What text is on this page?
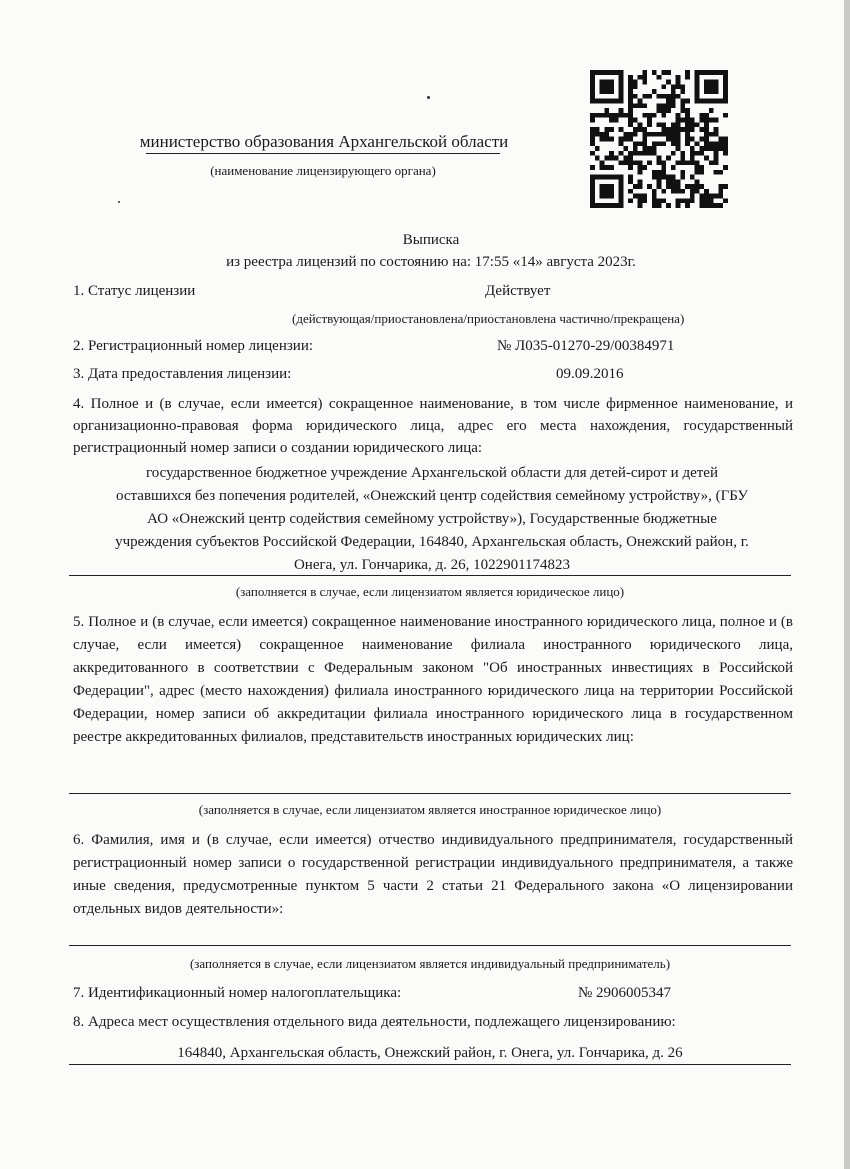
министерство образования Архангельской области
(наименование лицензирующего органа)
Выписка
из реестра лицензий по состоянию на: 17:55 «14» августа 2023г.
1. Статус лицензии	Действует
(действующая/приостановлена/приостановлена частично/прекращена)
2. Регистрационный номер лицензии:	№ Л035-01270-29/00384971
3. Дата предоставления лицензии:	09.09.2016
4. Полное и (в случае, если имеется) сокращенное наименование, в том числе фирменное наименование, и организационно-правовая форма юридического лица, адрес его места нахождения, государственный регистрационный номер записи о создании юридического лица:
государственное бюджетное учреждение Архангельской области для детей-сирот и детей
оставшихся без попечения родителей, «Онежский центр содействия семейному устройству», (ГБУ
АО «Онежский центр содействия семейному устройству»), Государственные бюджетные
учреждения субъектов Российской Федерации, 164840, Архангельская область, Онежский район, г.
Онега, ул. Гончарика, д. 26, 1022901174823
(заполняется в случае, если лицензиатом является юридическое лицо)
5. Полное и (в случае, если имеется) сокращенное наименование иностранного юридического лица, полное и (в случае, если имеется) сокращенное наименование филиала иностранного юридического лица, аккредитованного в соответствии с Федеральным законом "Об иностранных инвестициях в Российской Федерации", адрес (место нахождения) филиала иностранного юридического лица на территории Российской Федерации, номер записи об аккредитации филиала иностранного юридического лица в государственном реестре аккредитованных филиалов, представительств иностранных юридических лиц:
(заполняется в случае, если лицензиатом является иностранное юридическое лицо)
6. Фамилия, имя и (в случае, если имеется) отчество индивидуального предпринимателя, государственный регистрационный номер записи о государственной регистрации индивидуального предпринимателя, а также иные сведения, предусмотренные пунктом 5 части 2 статьи 21 Федерального закона «О лицензировании отдельных видов деятельности»:
(заполняется в случае, если лицензиатом является индивидуальный предприниматель)
7. Идентификационный номер налогоплательщика:	№ 2906005347
8. Адреса мест осуществления отдельного вида деятельности, подлежащего лицензированию:
164840, Архангельская область, Онежский район, г. Онега, ул. Гончарика, д. 26
